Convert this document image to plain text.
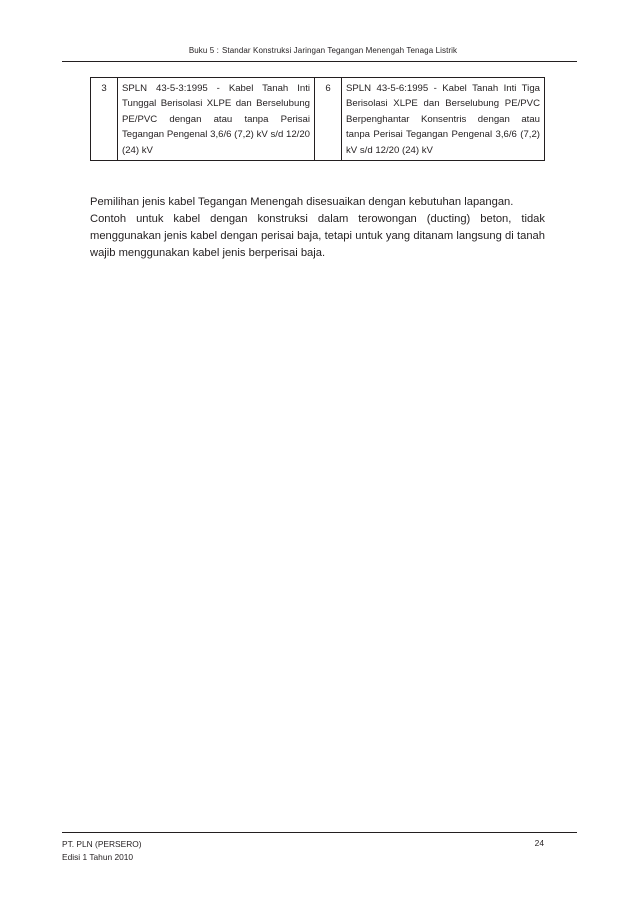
Buku 5 : Standar Konstruksi Jaringan Tegangan Menengah Tenaga Listrik
3	SPLN 43-5-3:1995 - Kabel Tanah Inti Tunggal Berisolasi XLPE dan Berselubung PE/PVC dengan atau tanpa Perisai Tegangan Pengenal 3,6/6 (7,2) kV s/d 12/20 (24) kV	6	SPLN 43-5-6:1995 - Kabel Tanah Inti Tiga Berisolasi XLPE dan Berselubung PE/PVC Berpenghantar Konsentris dengan atau tanpa Perisai Tegangan Pengenal 3,6/6 (7,2) kV s/d 12/20 (24) kV

Pemilihan jenis kabel Tegangan Menengah disesuaikan dengan kebutuhan lapangan.

Contoh untuk kabel dengan konstruksi dalam terowongan (ducting) beton, tidak menggunakan jenis kabel dengan perisai baja, tetapi untuk yang ditanam langsung di tanah wajib menggunakan kabel jenis berperisai baja.

PT. PLN (PERSERO)
Edisi 1 Tahun 2010
24
